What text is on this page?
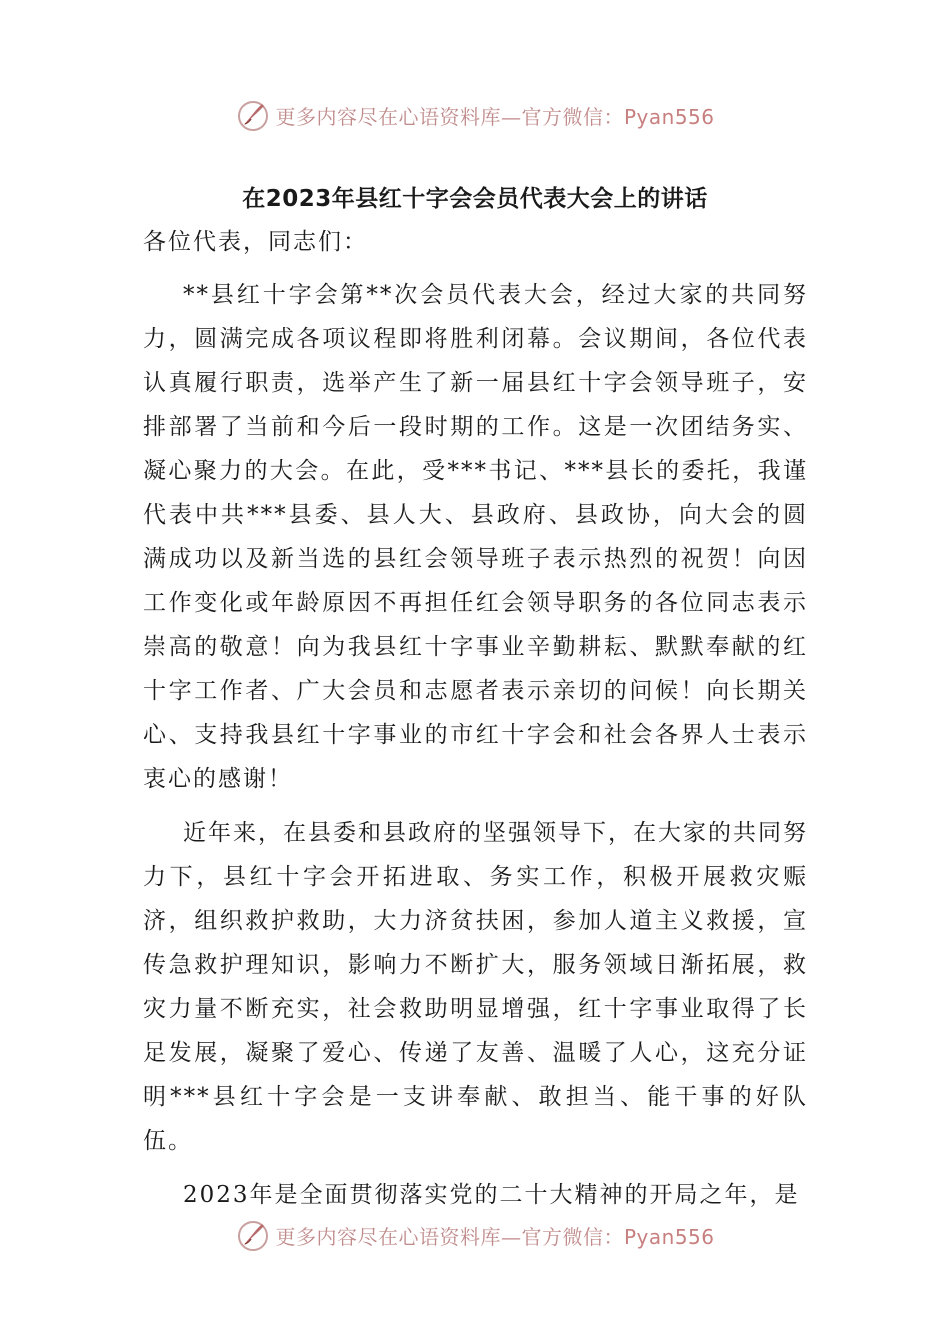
更多内容尽在心语资料库—官方微信：Pyan556
在2023年县红十字会会员代表大会上的讲话

各位代表，同志们：

**县红十字会第**次会员代表大会，经过大家的共同努力，圆满完成各项议程即将胜利闭幕。会议期间，各位代表认真履行职责，选举产生了新一届县红十字会领导班子，安排部署了当前和今后一段时期的工作。这是一次团结务实、凝心聚力的大会。在此，受***书记、***县长的委托，我谨代表中共***县委、县人大、县政府、县政协，向大会的圆满成功以及新当选的县红会领导班子表示热烈的祝贺！向因工作变化或年龄原因不再担任红会领导职务的各位同志表示崇高的敬意！向为我县红十字事业辛勤耕耘、默默奉献的红十字工作者、广大会员和志愿者表示亲切的问候！向长期关心、支持我县红十字事业的市红十字会和社会各界人士表示衷心的感谢！

近年来，在县委和县政府的坚强领导下，在大家的共同努力下，县红十字会开拓进取、务实工作，积极开展救灾赈济，组织救护救助，大力济贫扶困，参加人道主义救援，宣传急救护理知识，影响力不断扩大，服务领域日渐拓展，救灾力量不断充实，社会救助明显增强，红十字事业取得了长足发展，凝聚了爱心、传递了友善、温暖了人心，这充分证明***县红十字会是一支讲奉献、敢担当、能干事的好队伍。

2023年是全面贯彻落实党的二十大精神的开局之年，是

更多内容尽在心语资料库—官方微信：Pyan556
